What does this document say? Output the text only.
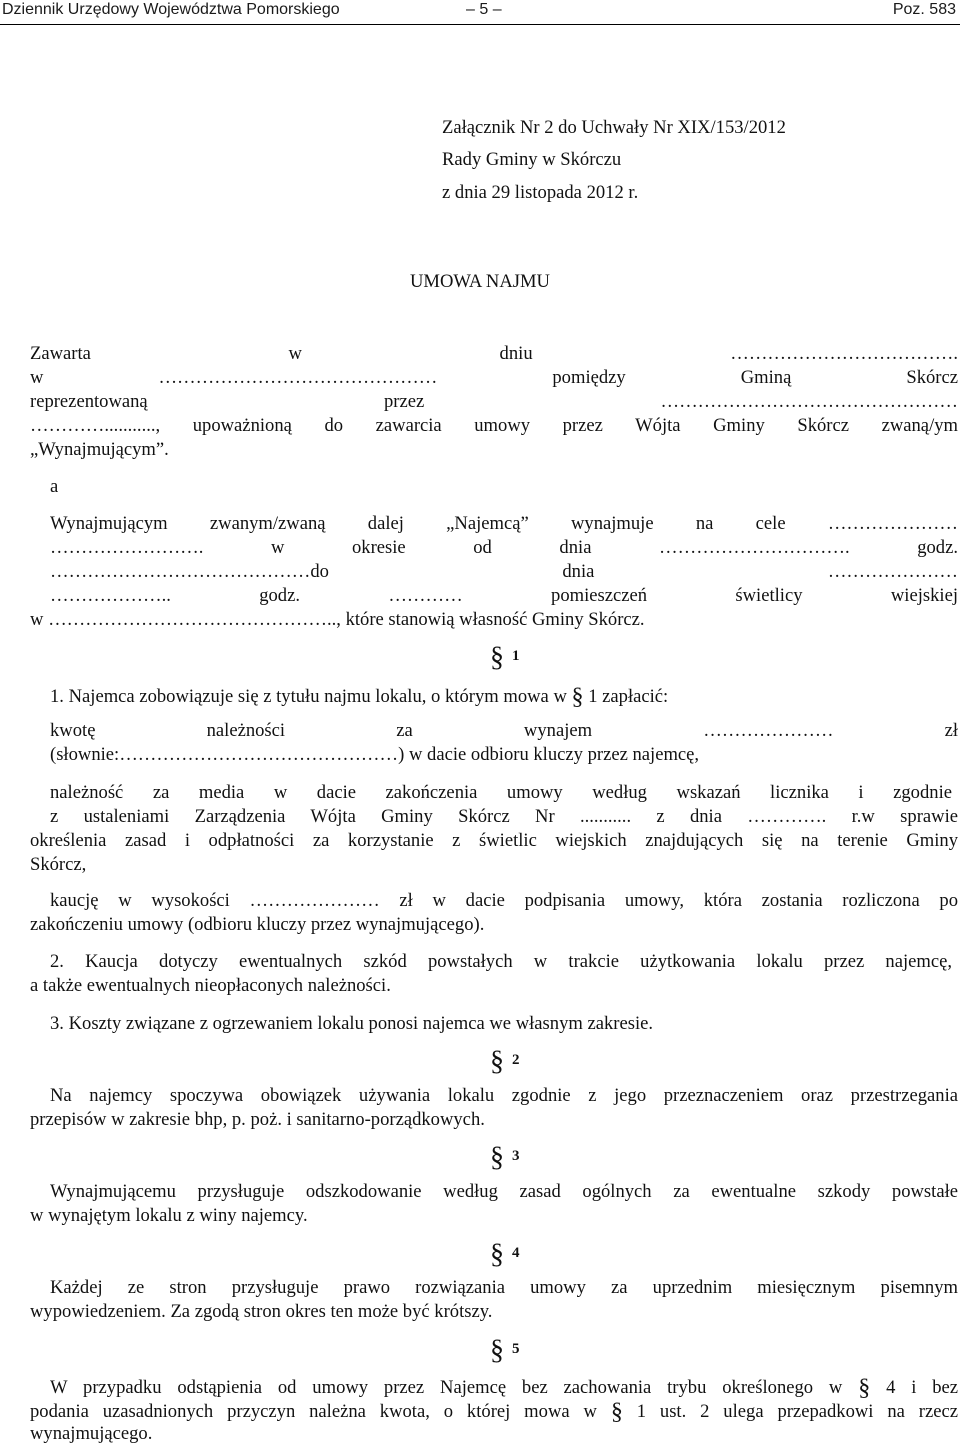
Dziennik Urzędowy Województwa Pomorskiego	– 5 –	Poz. 583
Załącznik Nr 2 do Uchwały Nr XIX/153/2012
Rady Gminy w Skórczu
z dnia 29 listopada 2012 r.
UMOWA NAJMU
Zawarta w dniu ……………………………….
w ……………………………………… pomiędzy Gminą Skórcz
reprezentowaną przez …………………………………………
…………..........., upoważnioną do zawarcia umowy przez Wójta Gminy Skórcz zwaną/ym
„Wynajmującym”.
a
Wynajmującym zwanym/zwaną dalej „Najemcą” wynajmuje na cele …………………
……………………. w okresie od dnia …………………………. godz.
……………………………………do dnia …………………
……………….. godz. ………… pomieszczeń świetlicy wiejskiej
w ……………………………………….., które stanowią własność Gminy Skórcz.
§ 1
1. Najemca zobowiązuje się z tytułu najmu lokalu, o którym mowa w § 1 zapłacić:
kwotę należności za wynajem ………………… zł
(słownie:………………………………………) w dacie odbioru kluczy przez najemcę,
należność za media w dacie zakończenia umowy według wskazań licznika i zgodnie
z ustaleniami Zarządzenia Wójta Gminy Skórcz Nr ........... z dnia …………. r.w sprawie
określenia zasad i odpłatności za korzystanie z świetlic wiejskich znajdujących się na terenie Gminy
Skórcz,
kaucję w wysokości ………………… zł w dacie podpisania umowy, która zostania rozliczona po
zakończeniu umowy (odbioru kluczy przez wynajmującego).
2. Kaucja dotyczy ewentualnych szkód powstałych w trakcie użytkowania lokalu przez najemcę,
a także ewentualnych nieopłaconych należności.
3. Koszty związane z ogrzewaniem lokalu ponosi najemca we własnym zakresie.
§ 2
Na najemcy spoczywa obowiązek używania lokalu zgodnie z jego przeznaczeniem oraz przestrzegania
przepisów w zakresie bhp, p. poż. i sanitarno-porządkowych.
§ 3
Wynajmującemu przysługuje odszkodowanie według zasad ogólnych za ewentualne szkody powstałe
w wynajętym lokalu z winy najemcy.
§ 4
Każdej ze stron przysługuje prawo rozwiązania umowy za uprzednim miesięcznym pisemnym
wypowiedzeniem. Za zgodą stron okres ten może być krótszy.
§ 5
W przypadku odstąpienia od umowy przez Najemcę bez zachowania trybu określonego w § 4 i bez
podania uzasadnionych przyczyn należna kwota, o której mowa w § 1 ust. 2 ulega przepadkowi na rzecz
wynajmującego.
